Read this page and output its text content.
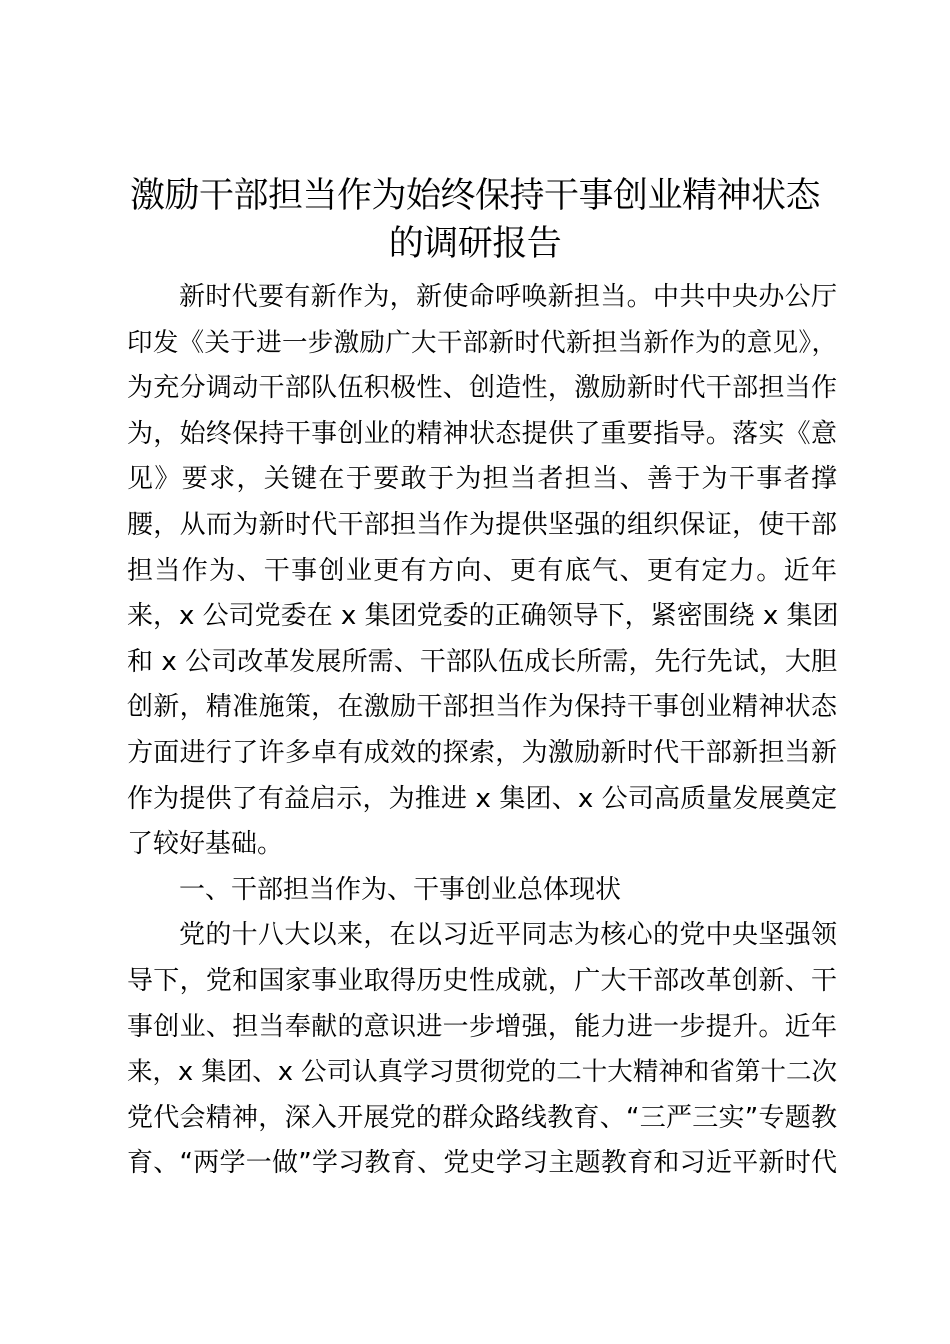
激励干部担当作为始终保持干事创业精神状态
的调研报告
新时代要有新作为，新使命呼唤新担当。中共中央办公厅
印发《关于进一步激励广大干部新时代新担当新作为的意见》，
为充分调动干部队伍积极性、创造性，激励新时代干部担当作
为，始终保持干事创业的精神状态提供了重要指导。落实《意
见》要求，关键在于要敢于为担当者担当、善于为干事者撑
腰，从而为新时代干部担当作为提供坚强的组织保证，使干部
担当作为、干事创业更有方向、更有底气、更有定力。近年
来，x 公司党委在 x 集团党委的正确领导下，紧密围绕 x 集团
和 x 公司改革发展所需、干部队伍成长所需，先行先试，大胆
创新，精准施策，在激励干部担当作为保持干事创业精神状态
方面进行了许多卓有成效的探索，为激励新时代干部新担当新
作为提供了有益启示，为推进 x 集团、x 公司高质量发展奠定
了较好基础。
一、干部担当作为、干事创业总体现状
党的十八大以来，在以习近平同志为核心的党中央坚强领
导下，党和国家事业取得历史性成就，广大干部改革创新、干
事创业、担当奉献的意识进一步增强，能力进一步提升。近年
来，x 集团、x 公司认真学习贯彻党的二十大精神和省第十二次
党代会精神，深入开展党的群众路线教育、“三严三实”专题教
育、“两学一做”学习教育、党史学习主题教育和习近平新时代
